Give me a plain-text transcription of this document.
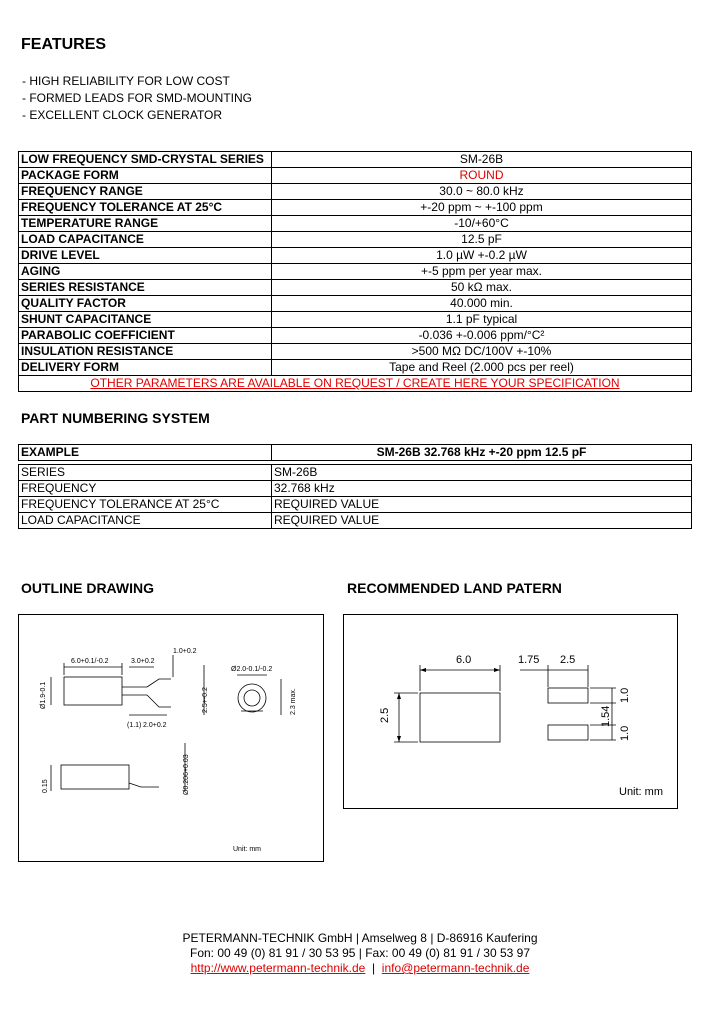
FEATURES
- HIGH RELIABILITY FOR LOW COST
- FORMED LEADS FOR SMD-MOUNTING
- EXCELLENT CLOCK GENERATOR
LOW FREQUENCY SMD-CRYSTAL SERIES	SM-26B
PACKAGE FORM	ROUND
FREQUENCY RANGE	30.0 ~ 80.0 kHz
FREQUENCY TOLERANCE AT 25°C	+-20 ppm ~ +-100 ppm
TEMPERATURE RANGE	-10/+60°C
LOAD CAPACITANCE	12.5 pF
DRIVE LEVEL	1.0 µW +-0.2 µW
AGING	+-5 ppm per year max.
SERIES RESISTANCE	50 kΩ max.
QUALITY FACTOR	40.000 min.
SHUNT CAPACITANCE	1.1 pF typical
PARABOLIC COEFFICIENT	-0.036 +-0.006 ppm/°C²
INSULATION RESISTANCE	>500 MΩ DC/100V +-10%
DELIVERY FORM	Tape and Reel (2.000 pcs per reel)
OTHER PARAMETERS ARE AVAILABLE ON REQUEST / CREATE HERE YOUR SPECIFICATION	
PART NUMBERING SYSTEM
EXAMPLE	SM-26B 32.768 kHz +-20 ppm 12.5 pF

SERIES	SM-26B
FREQUENCY	32.768 kHz
FREQUENCY TOLERANCE AT 25°C	REQUIRED VALUE
LOAD CAPACITANCE	REQUIRED VALUE
OUTLINE DRAWING
6.0+0.1/-0.2	3.0+0.2
1.0+0.2
Ø1.9-0.1	2.5+-0.2
(1.1) 2.0+0.2
Ø2.0-0.1/-0.2
2.3 max.
Ø0.206+0.03
0.15
Unit: mm
RECOMMENDED LAND PATERN
6.0	1.75 2.5
2.5
1.0
1.54
1.0
Unit: mm
PETERMANN-TECHNIK GmbH | Amselweg 8 | D-86916 Kaufering
Fon: 00 49 (0) 81 91 / 30 53 95 | Fax: 00 49 (0) 81 91 / 30 53 97
http://www.petermann-technik.de  |  info@petermann-technik.de
